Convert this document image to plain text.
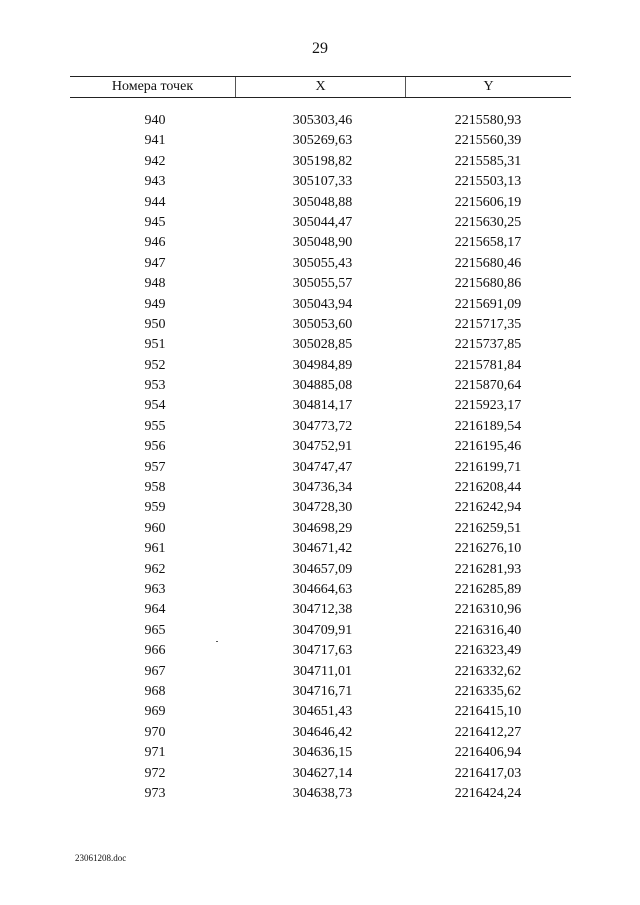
29
Номера точек	X	Y
940	305303,46	2215580,93
941	305269,63	2215560,39
942	305198,82	2215585,31
943	305107,33	2215503,13
944	305048,88	2215606,19
945	305044,47	2215630,25
946	305048,90	2215658,17
947	305055,43	2215680,46
948	305055,57	2215680,86
949	305043,94	2215691,09
950	305053,60	2215717,35
951	305028,85	2215737,85
952	304984,89	2215781,84
953	304885,08	2215870,64
954	304814,17	2215923,17
955	304773,72	2216189,54
956	304752,91	2216195,46
957	304747,47	2216199,71
958	304736,34	2216208,44
959	304728,30	2216242,94
960	304698,29	2216259,51
961	304671,42	2216276,10
962	304657,09	2216281,93
963	304664,63	2216285,89
964	304712,38	2216310,96
965	304709,91	2216316,40
966	304717,63	2216323,49
967	304711,01	2216332,62
968	304716,71	2216335,62
969	304651,43	2216415,10
970	304646,42	2216412,27
971	304636,15	2216406,94
972	304627,14	2216417,03
973	304638,73	2216424,24
23061208.doc
